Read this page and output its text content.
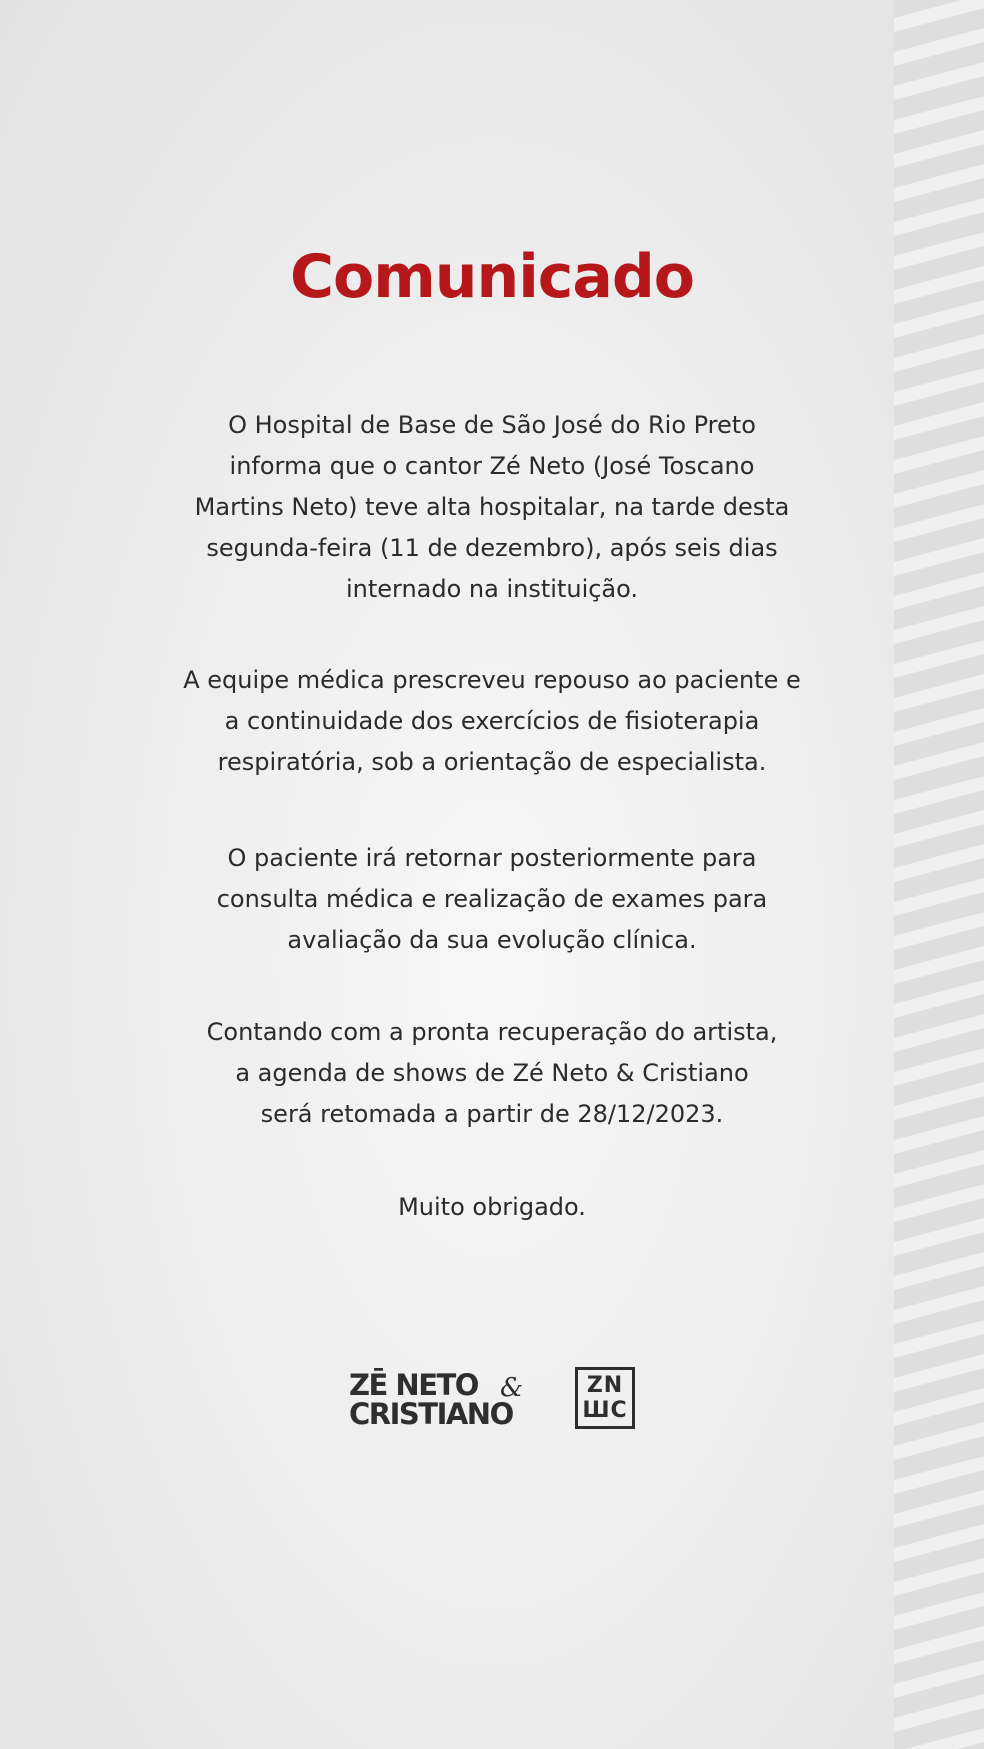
Comunicado
O Hospital de Base de São José do Rio Preto
informa que o cantor Zé Neto (José Toscano
Martins Neto) teve alta hospitalar, na tarde desta
segunda-feira (11 de dezembro), após seis dias
internado na instituição.
A equipe médica prescreveu repouso ao paciente e
a continuidade dos exercícios de fisioterapia
respiratória, sob a orientação de especialista.
O paciente irá retornar posteriormente para
consulta médica e realização de exames para
avaliação da sua evolução clínica.
Contando com a pronta recuperação do artista,
a agenda de shows de Zé Neto & Cristiano
será retomada a partir de 28/12/2023.
Muito obrigado.
ZĒ NETO &
CRISTIANO
ZN
ШС
